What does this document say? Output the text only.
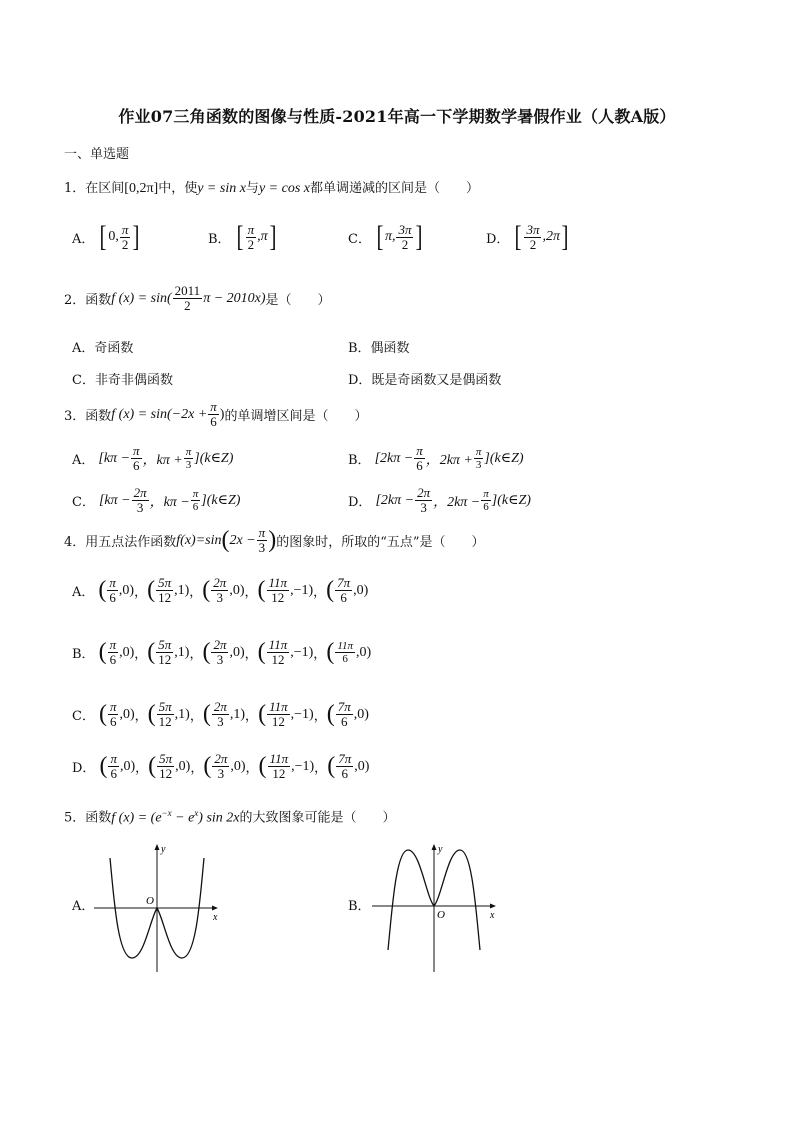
作业07三角函数的图像与性质-2021年高一下学期数学暑假作业（人教A版）
一、单选题
1．在区间[0,2π]中，使y = sin x与y = cos x都单调递减的区间是（　　）
A． [ 0, $\frac{\pi}{2}$ ]	B． [ $\frac{\pi}{2} ,\pi$ ]	C． [ π, $\frac{3\pi}{2}$ ]	D． [ $\frac{3\pi}{2} ,2\pi$ ]
2．函数 f $(x) = \sin( \frac{2011}{2}$ π − 2010x) 是（　　）
A．奇函数	B．偶函数
C．非奇非偶函数	D．既是奇函数又是偶函数
3．函数 f $(x) = \sin(-2x + \frac{\pi}{6}$ ) 的单调增区间是（　　）
A． [$k\pi - \frac{\pi}{6}$ ，$k\pi + \frac{\pi}{3}$ ] (k∈Z)	B． [$2k\pi - \frac{\pi}{6}$ ，$2k\pi + \frac{\pi}{3}$ ] (k∈Z)
C． [$k\pi - \frac{2\pi}{3}$ ，$k\pi - \frac{\pi}{6}$ ] (k∈Z)	D． [$2k\pi - \frac{2\pi}{3}$ ，$2k\pi - \frac{\pi}{6}$ ] (k∈Z)
4．用五点法作函数 f(x)=sin ( $2x - \frac{\pi}{3}$ ) 的图象时，所取的“五点”是（　　）
A． ( $\frac{\pi}{6} ,0$) ， ( $\frac{5\pi}{12} ,1$) ， ( $\frac{2\pi}{3} ,0$) ， ( $\frac{11\pi}{12} ,-1$) ， ( $\frac{7\pi}{6} ,0$)
B． ( $\frac{\pi}{6} ,0$) ， ( $\frac{5\pi}{12} ,1$) ， ( $\frac{2\pi}{3} ,0$) ， ( $\frac{11\pi}{12} ,-1$) ， ( $\frac{11\pi}{6} ,0$)
C． ( $\frac{\pi}{6} ,0$) ， ( $\frac{5\pi}{12} ,1$) ， ( $\frac{2\pi}{3} ,1$) ， ( $\frac{11\pi}{12} ,-1$) ， ( $\frac{7\pi}{6} ,0$)
D． ( $\frac{\pi}{6} ,0$) ， ( $\frac{5\pi}{12} ,0$) ， ( $\frac{2\pi}{3} ,0$) ， ( $\frac{11\pi}{12} ,-1$) ， ( $\frac{7\pi}{6} ,0$)
5．函数f $(x) = (e^{-x} - e^x)$ sin 2x的大致图象可能是（　　）
A．
y
x
O	B．
y
x
O
